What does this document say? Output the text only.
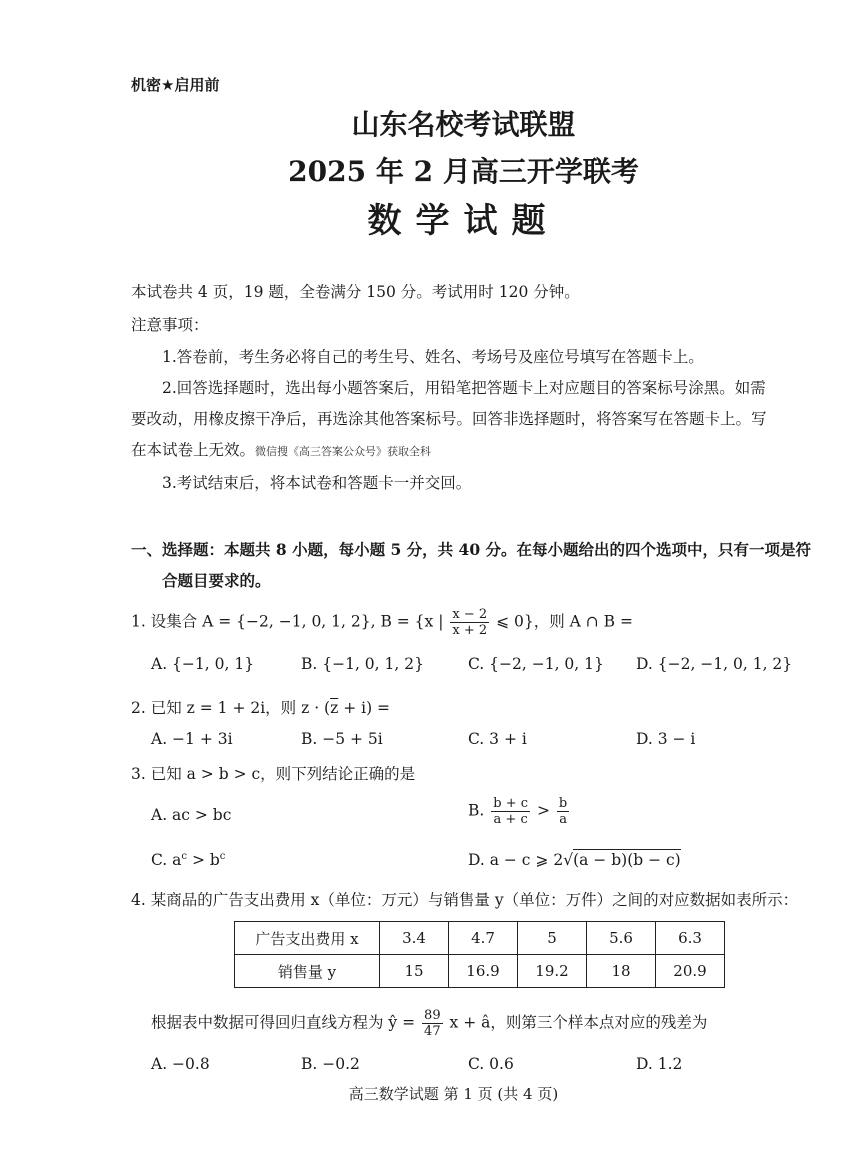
机密★启用前
山东名校考试联盟
2025 年 2 月高三开学联考
数学试题
本试卷共 4 页，19 题，全卷满分 150 分。考试用时 120 分钟。
注意事项：
1.答卷前，考生务必将自己的考生号、姓名、考场号及座位号填写在答题卡上。
2.回答选择题时，选出每小题答案后，用铅笔把答题卡上对应题目的答案标号涂黑。如需
要改动，用橡皮擦干净后，再选涂其他答案标号。回答非选择题时，将答案写在答题卡上。写
在本试卷上无效。微信搜《高三答案公众号》获取全科
3.考试结束后，将本试卷和答题卡一并交回。
一、选择题：本题共 8 小题，每小题 5 分，共 40 分。在每小题给出的四个选项中，只有一项是符
合题目要求的。
1. 设集合 A = {−2, −1, 0, 1, 2}, B = {x | $\frac{x - 2}{x + 2}$ ⩽ 0}，则 A ∩ B =
A. {−1, 0, 1}	B. {−1, 0, 1, 2}	C. {−2, −1, 0, 1} D. {−2, −1, 0, 1, 2}
2. 已知 z = 1 + 2i，则 $z \cdot (\overline{z} + i)$ =
A. −1 + 3i	B. −5 + 5i	C. 3 + i	D. 3 − i
3. 已知 a > b > c，则下列结论正确的是
A. ac > bc	B. $\frac{b + c}{a + c} > \frac{b}{a}$
C. $a^c > b^c$	D. a − c ⩾ 2√(a − b)(b − c)
4. 某商品的广告支出费用 x（单位：万元）与销售量 y（单位：万件）之间的对应数据如表所示：
广告支出费用 x	3.4	4.7	5	5.6	6.3
销售量 y	15	16.9	19.2	18	20.9
根据表中数据可得回归直线方程为 ŷ = $\frac{89}{47}$ x + â，则第三个样本点对应的残差为
A. −0.8	B. −0.2	C. 0.6	D. 1.2
高三数学试题 第 1 页 (共 4 页)
